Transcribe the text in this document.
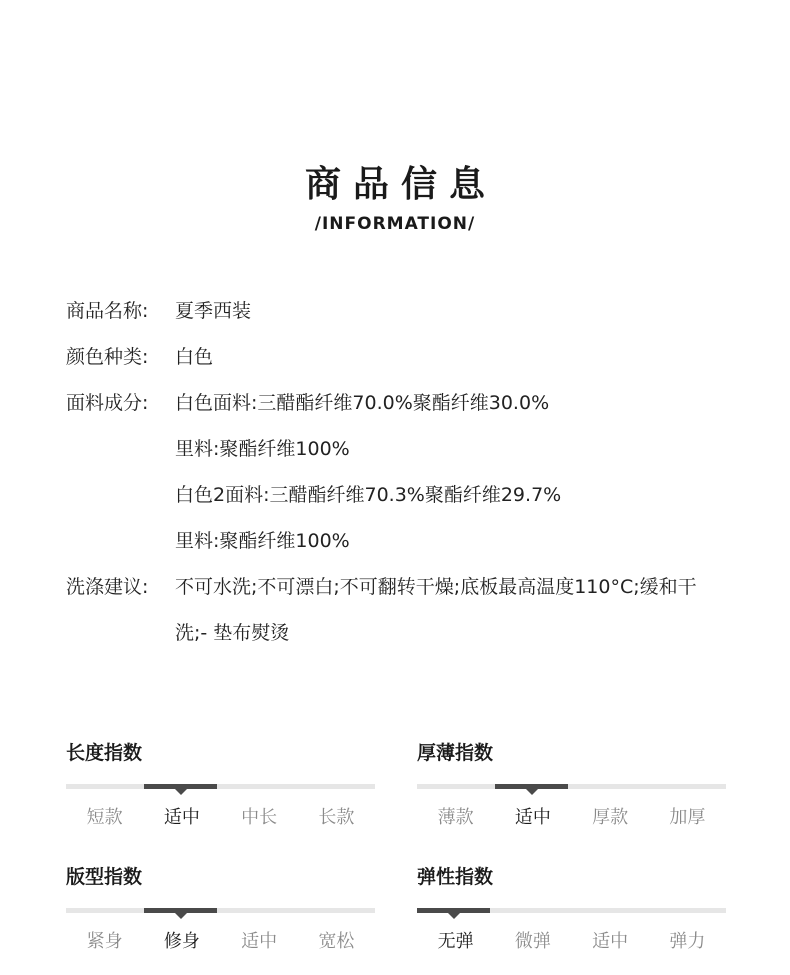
商品信息
/INFORMATION/
商品名称:	夏季西装
颜色种类:	白色
面料成分:	白色面料:三醋酯纤维70.0%聚酯纤维30.0%
里料:聚酯纤维100%
白色2面料:三醋酯纤维70.3%聚酯纤维29.7%
里料:聚酯纤维100%
洗涤建议:	不可水洗;不可漂白;不可翻转干燥;底板最高温度110°C;缓和干
洗;- 垫布熨烫
长度指数
短款	适中	中长	长款
厚薄指数
薄款	适中	厚款	加厚
版型指数
紧身	修身	适中	宽松
弹性指数
无弹	微弹	适中	弹力
